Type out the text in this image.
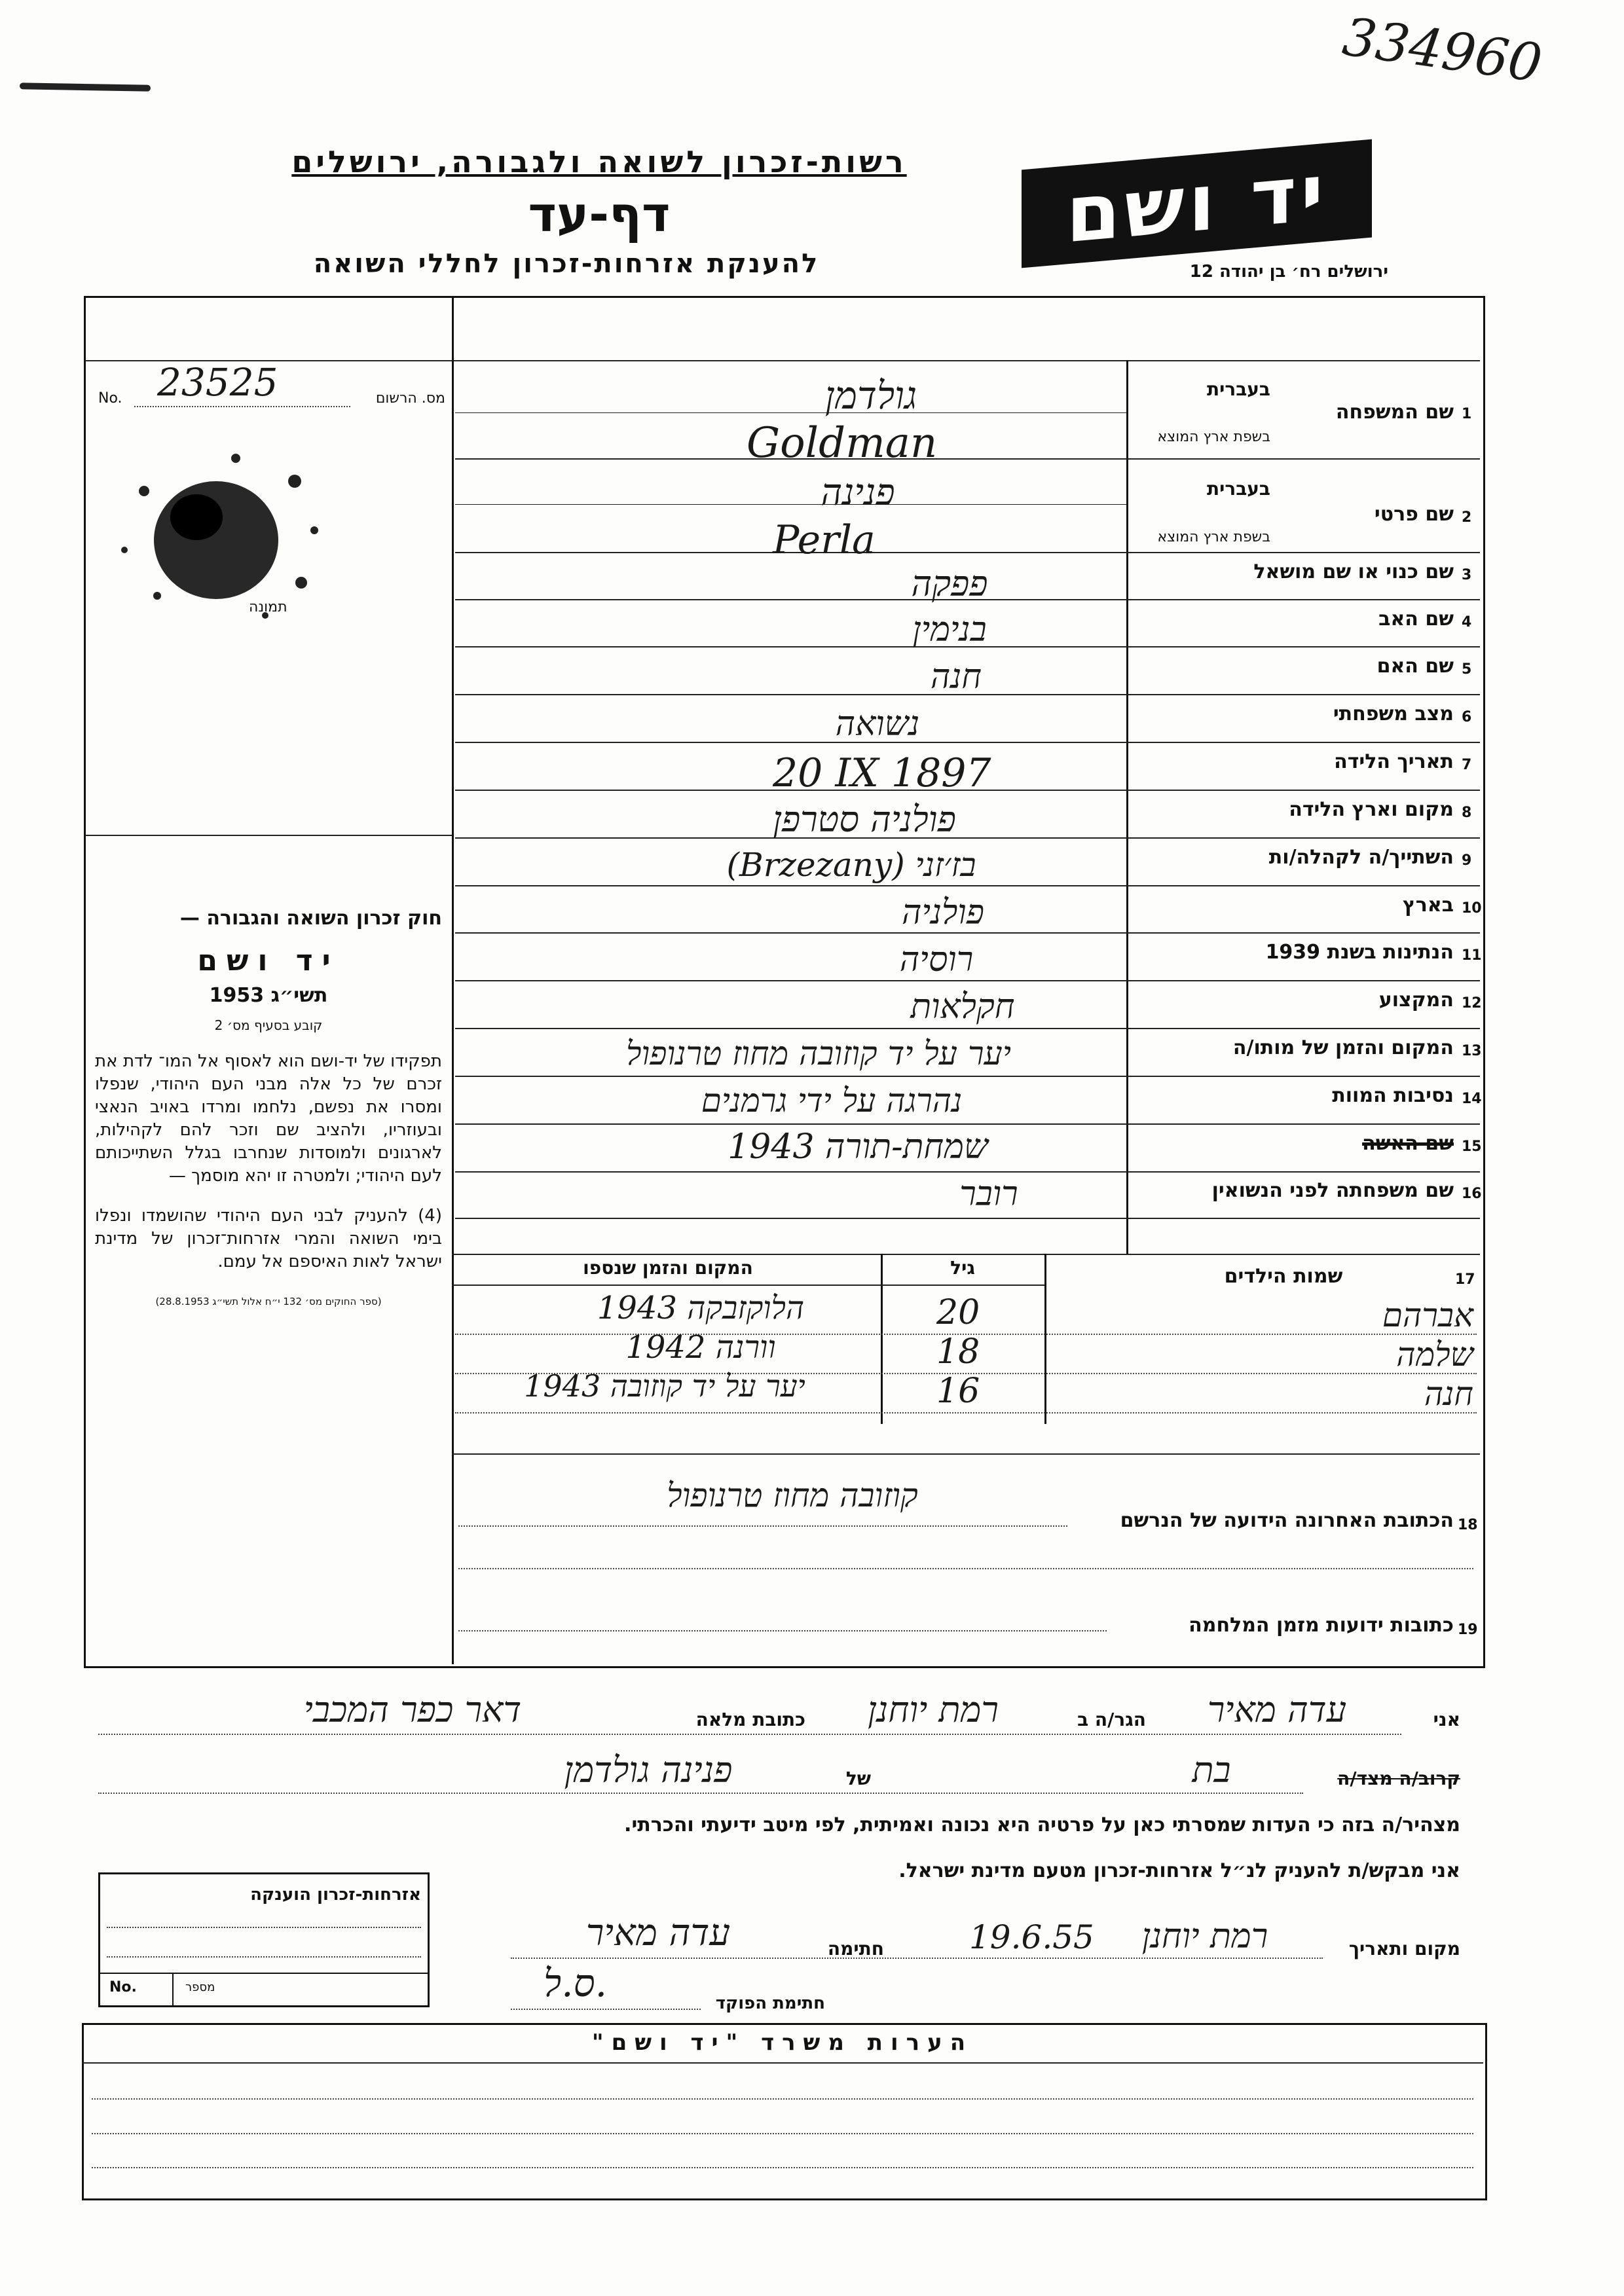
334960
רשות-זכרון לשואה ולגבורה, ירושלים
דף-עד
להענקת אזרחות-זכרון לחללי השואה
יד ושם
ירושלים רח׳ בן יהודה 12
מס. הרשום
23525
No.
תמונה

חוק זכרון השואה והגבורה —

יד ושם

תשי״ג 1953

קובע בסעיף מס׳ 2

תפקידו של יד-ושם הוא לאסוף אל המו־ לדת את זכרם של כל אלה מבני העם היהודי, שנפלו ומסרו את נפשם, נלחמו ומרדו באויב הנאצי ובעוזריו, ולהציב שם וזכר להם לקהילות, לארגונים ולמוסדות שנחרבו בגלל השתייכותם לעם היהודי; ולמטרה זו יהא מוסמך —

(4) להעניק לבני העם היהודי שהושמדו ונפלו בימי השואה והמרי אזרחות־זכרון של מדינת ישראל לאות האיספם אל עמם.

(ספר החוקים מס׳ 132 י״ח אלול תשי״ג 28.8.1953)

1
שם המשפחה
בעברית
בשפת ארץ המוצא
גולדמן
Goldman
2
שם פרטי
בעברית
בשפת ארץ המוצא
פנינה
Perla
3
שם כנוי או שם מושאל
פפקה
4
שם האב
בנימין
5
שם האם
חנה
6
מצב משפחתי
נשואה
7
תאריך הלידה
20 IX 1897
8
מקום וארץ הלידה
פולניה סטרפן
9
השתייך/ה לקהלה/ות
בז׳זני (Brzezany)
10
בארץ
פולניה
11
הנתינות בשנת 1939
רוסיה
12
המקצוע
חקלאות
13
המקום והזמן של מותו/ה
יער על יד קוזובה מחוז טרנופול
14
נסיבות המוות
נהרגה על ידי גרמנים
15
שם האשה
שמחת-תורה 1943
16
שם משפחתה לפני הנשואין
רובר
17
שמות הילדים
גיל
המקום והזמן שנספו
אברהם
20
הלוקזבקה 1943
שלמה
18
וורנה 1942
חנה
16
יער על יד קוזובה 1943
18
הכתובת האחרונה הידועה של הנרשם
קוזובה מחוז טרנופול
19
כתובות ידועות מזמן המלחמה
אני
עדה מאיר
הגר/ה ב
רמת יוחנן
כתובת מלאה
דאר כפר המכבי
קרוב/ה מצד/ה
בת
של
פנינה גולדמן
מצהיר/ה בזה כי העדות שמסרתי כאן על פרטיה היא נכונה ואמיתית, לפי מיטב ידיעתי והכרתי.
אני מבקש/ת להעניק לנ״ל אזרחות-זכרון מטעם מדינת ישראל.
מקום ותאריך
רמת יוחנן
19.6.55
חתימה
עדה מאיר
חתימת הפוקד
ס.ל.
אזרחות-זכרון הוענקה
No.	מספר
הערות משרד "יד ושם"
